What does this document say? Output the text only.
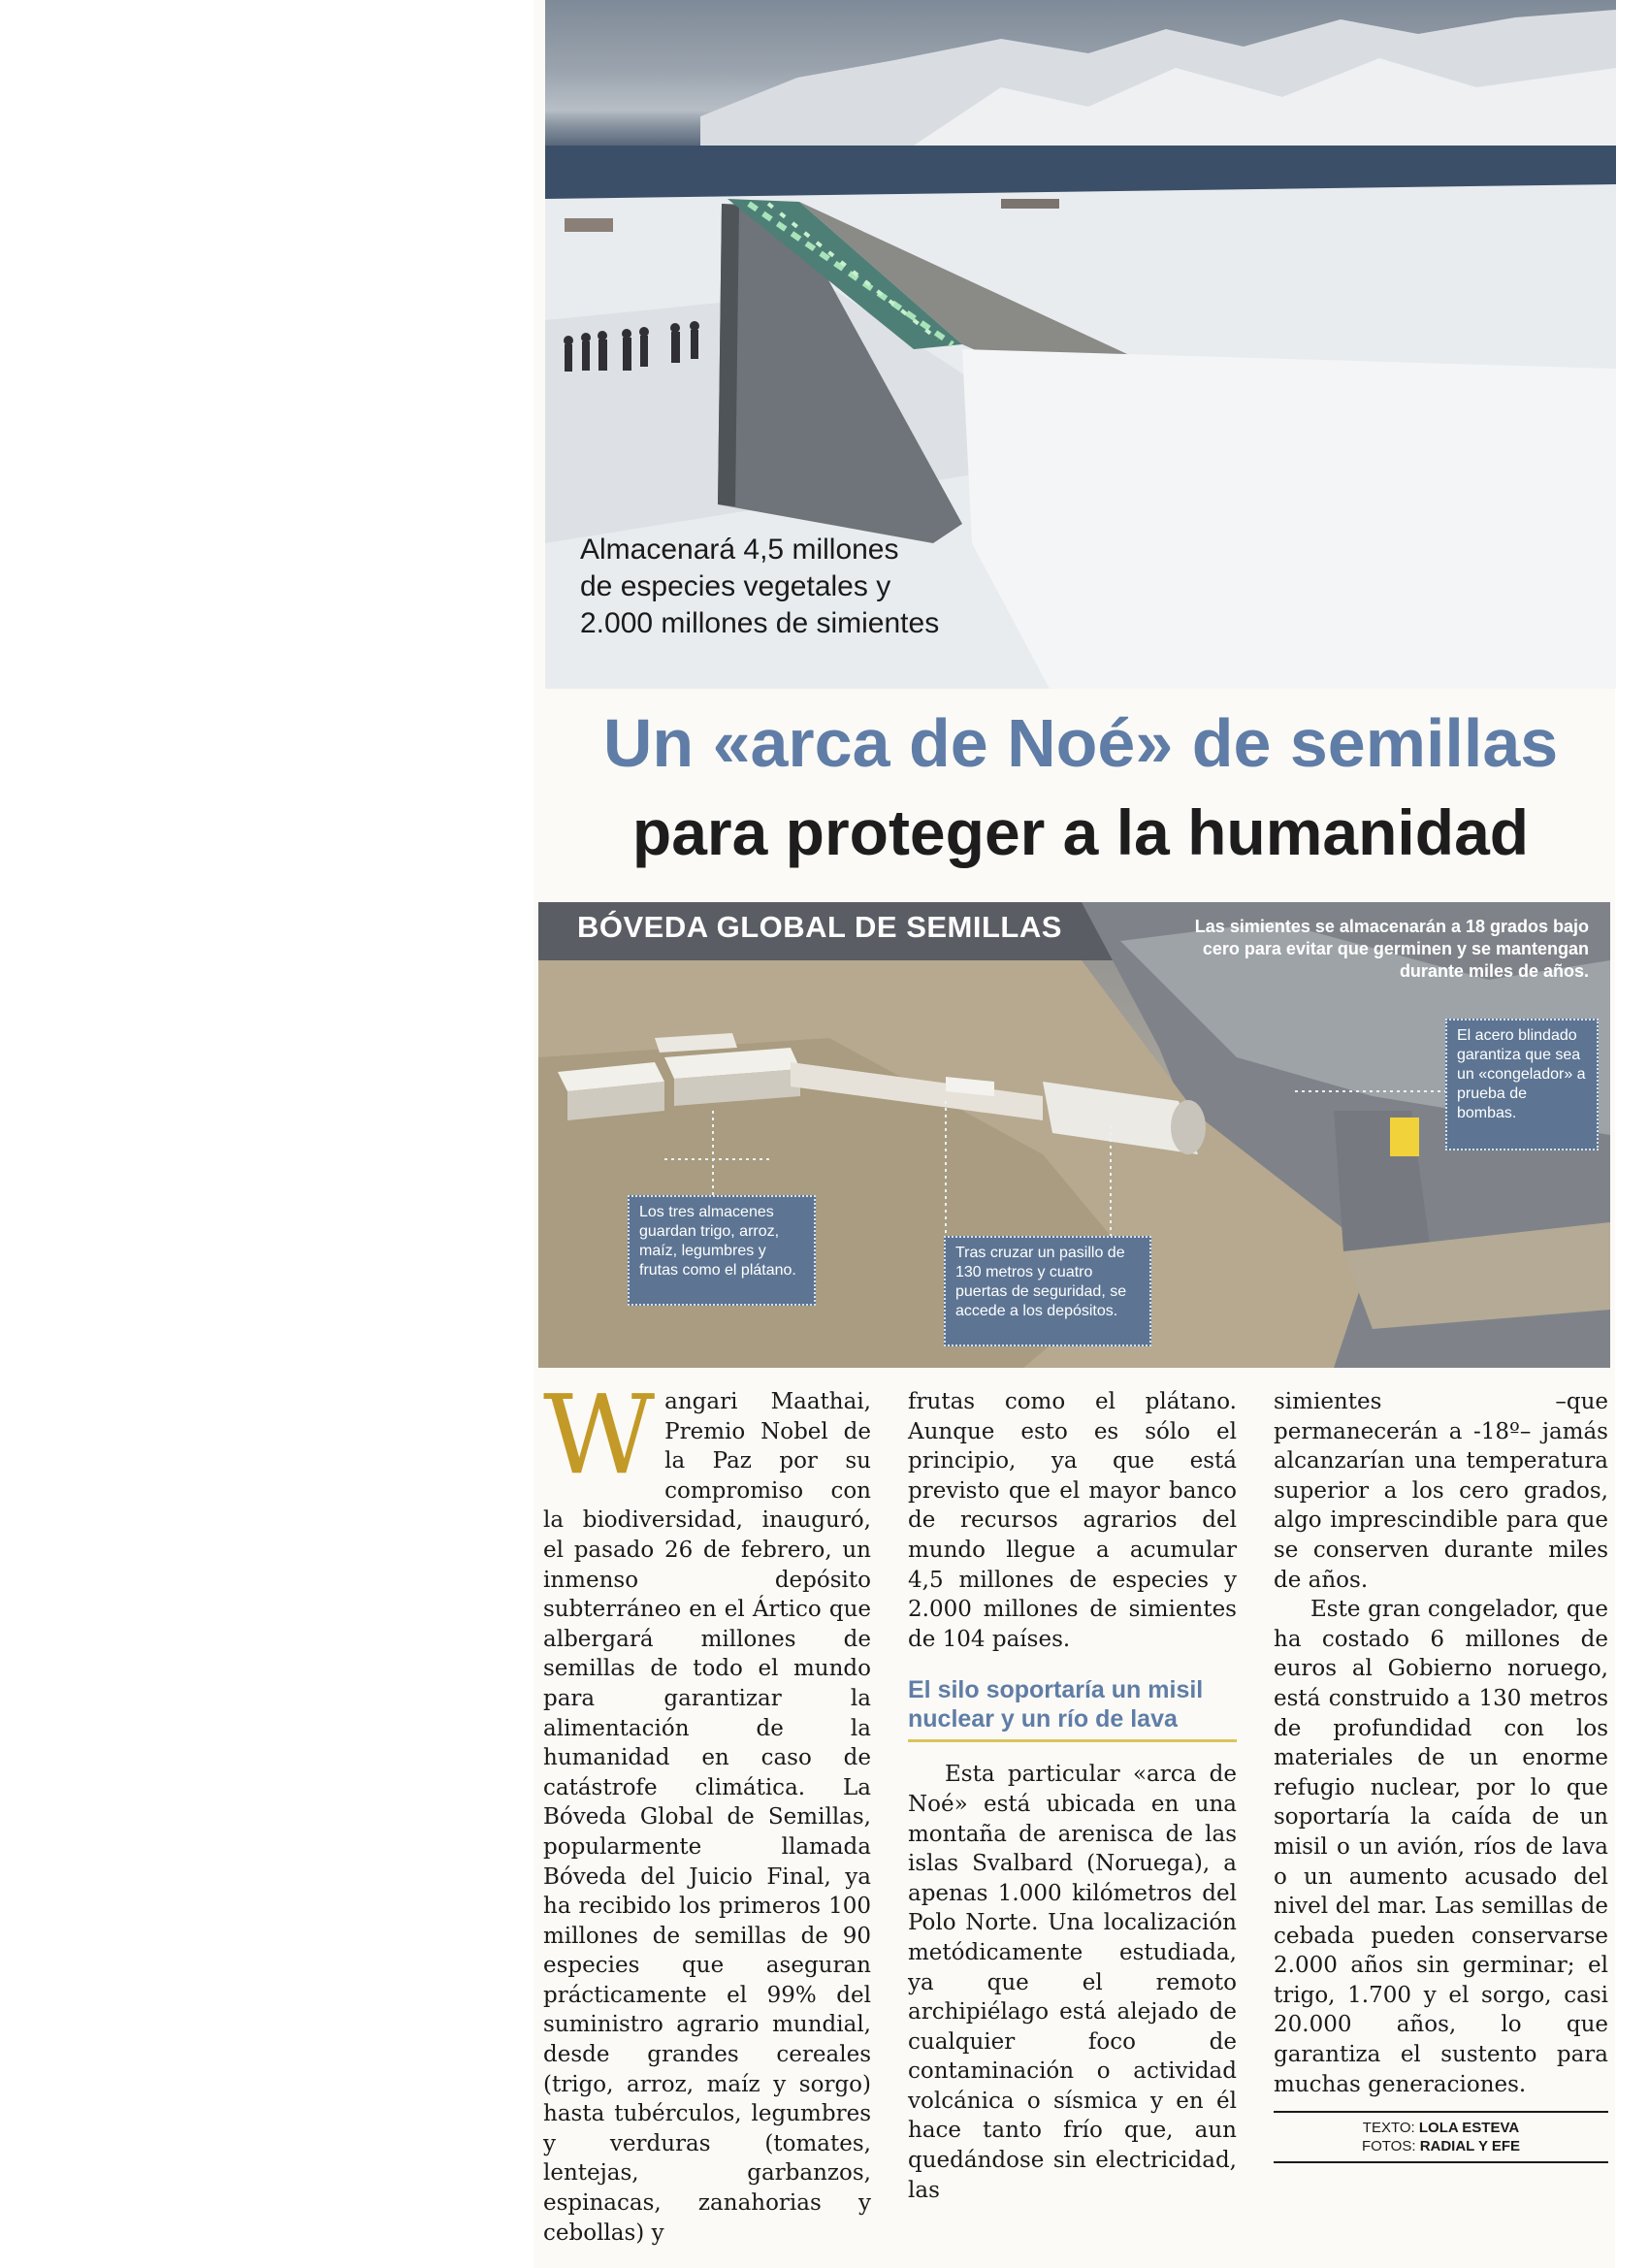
Almacenará 4,5 millones
de especies vegetales y
2.000 millones de simientes

Un «arca de Noé» de semillas
para proteger a la humanidad
BÓVEDA GLOBAL DE SEMILLAS	Las simientes se almacenarán a 18 grados bajo cero para evitar que germinen y se mantengan durante miles de años.

El acero blindado garantiza que sea un «congelador» a prueba de bombas.

Los tres almacenes guardan trigo, arroz, maíz, legumbres y frutas como el plátano.

Tras cruzar un pasillo de 130 metros y cuatro puertas de seguridad, se accede a los depósitos.

Wangari Maathai, Premio Nobel de la Paz por su compromiso con la biodiversidad, inauguró, el pasado 26 de febrero, un inmenso depósito subterráneo en el Ártico que albergará millones de semillas de todo el mundo para garantizar la alimentación de la humanidad en caso de catástrofe climática. La Bóveda Global de Semillas, popularmente llamada Bóveda del Juicio Final, ya ha recibido los primeros 100 millones de semillas de 90 especies que aseguran prácticamente el 99% del suministro agrario mundial, desde grandes cereales (trigo, arroz, maíz y sorgo) hasta tubérculos, legumbres y verduras (tomates, lentejas, garbanzos, espinacas, zanahorias y cebollas) y

frutas como el plátano. Aunque esto es sólo el principio, ya que está previsto que el mayor banco de recursos agrarios del mundo llegue a acumular 4,5 millones de especies y 2.000 millones de simientes de 104 países.

El silo soportaría un misil nuclear y un río de lava

Esta particular «arca de Noé» está ubicada en una montaña de arenisca de las islas Svalbard (Noruega), a apenas 1.000 kilómetros del Polo Norte. Una localización metódicamente estudiada, ya que el remoto archipiélago está alejado de cualquier foco de contaminación o actividad volcánica o sísmica y en él hace tanto frío que, aun quedándose sin electricidad, las

simientes –que permanecerán a -18º– jamás alcanzarían una temperatura superior a los cero grados, algo imprescindible para que se conserven durante miles de años.

Este gran congelador, que ha costado 6 millones de euros al Gobierno noruego, está construido a 130 metros de profundidad con los materiales de un enorme refugio nuclear, por lo que soportaría la caída de un misil o un avión, ríos de lava o un aumento acusado del nivel del mar. Las semillas de cebada pueden conservarse 2.000 años sin germinar; el trigo, 1.700 y el sorgo, casi 20.000 años, lo que garantiza el sustento para muchas generaciones.

TEXTO: LOLA ESTEVA
FOTOS: RADIAL Y EFE
